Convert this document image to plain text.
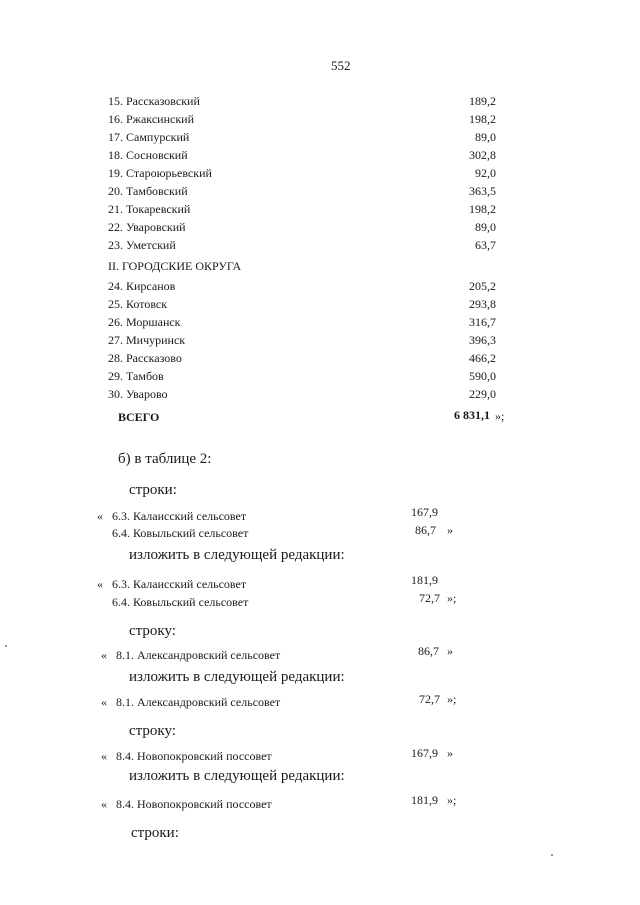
552
15. Рассказовский	189,2
16. Ржаксинский	198,2
17. Сампурский	89,0
18. Сосновский	302,8
19. Староюрьевский	92,0
20. Тамбовский	363,5
21. Токаревский	198,2
22. Уваровский	89,0
23. Уметский	63,7
II. ГОРОДСКИЕ ОКРУГА
24. Кирсанов	205,2
25. Котовск	293,8
26. Моршанск	316,7
27. Мичуринск	396,3
28. Рассказово	466,2
29. Тамбов	590,0
30. Уварово	229,0
ВСЕГО	6 831,1 »;
б) в таблице 2:
строки:
« 6.3. Калаисский сельсовет	167,9
6.4. Ковыльский сельсовет	86,7 »
изложить в следующей редакции:
« 6.3. Калаисский сельсовет	181,9
6.4. Ковыльский сельсовет	72,7 »;
строку:
« 8.1. Александровский сельсовет	86,7 »
изложить в следующей редакции:
« 8.1. Александровский сельсовет	72,7 »;
строку:
« 8.4. Новопокровский поссовет	167,9 »
изложить в следующей редакции:
« 8.4. Новопокровский поссовет	181,9 »;
строки:
